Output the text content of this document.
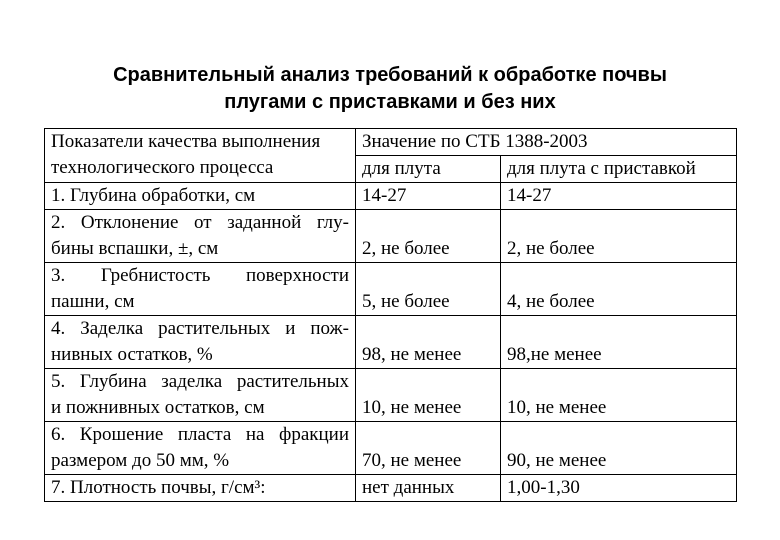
Сравнительный анализ требований к обработке почвы
плугами с приставками и без них
Показатели качества выполнения
технологического процесса	Значение по СТБ 1388-2003	
	для плута	для плута с приставкой

1. Глубина обработки, см	14-27	14-27

2. Отклонение от заданной глу-
бины вспашки, ±, см	2, не более	2, не более

3.    Гребнистость    поверхности
пашни, см	5, не более	4, не более

4. Заделка растительных и пож-
нивных остатков, %	98, не менее	98,не менее

5. Глубина заделка растительных
и пожнивных остатков, см	10, не менее	10, не менее

6. Крошение пласта на фракции
размером до 50 мм, %	70, не менее	90, не менее

7. Плотность почвы, г/см³:	нет данных	1,00-1,30
